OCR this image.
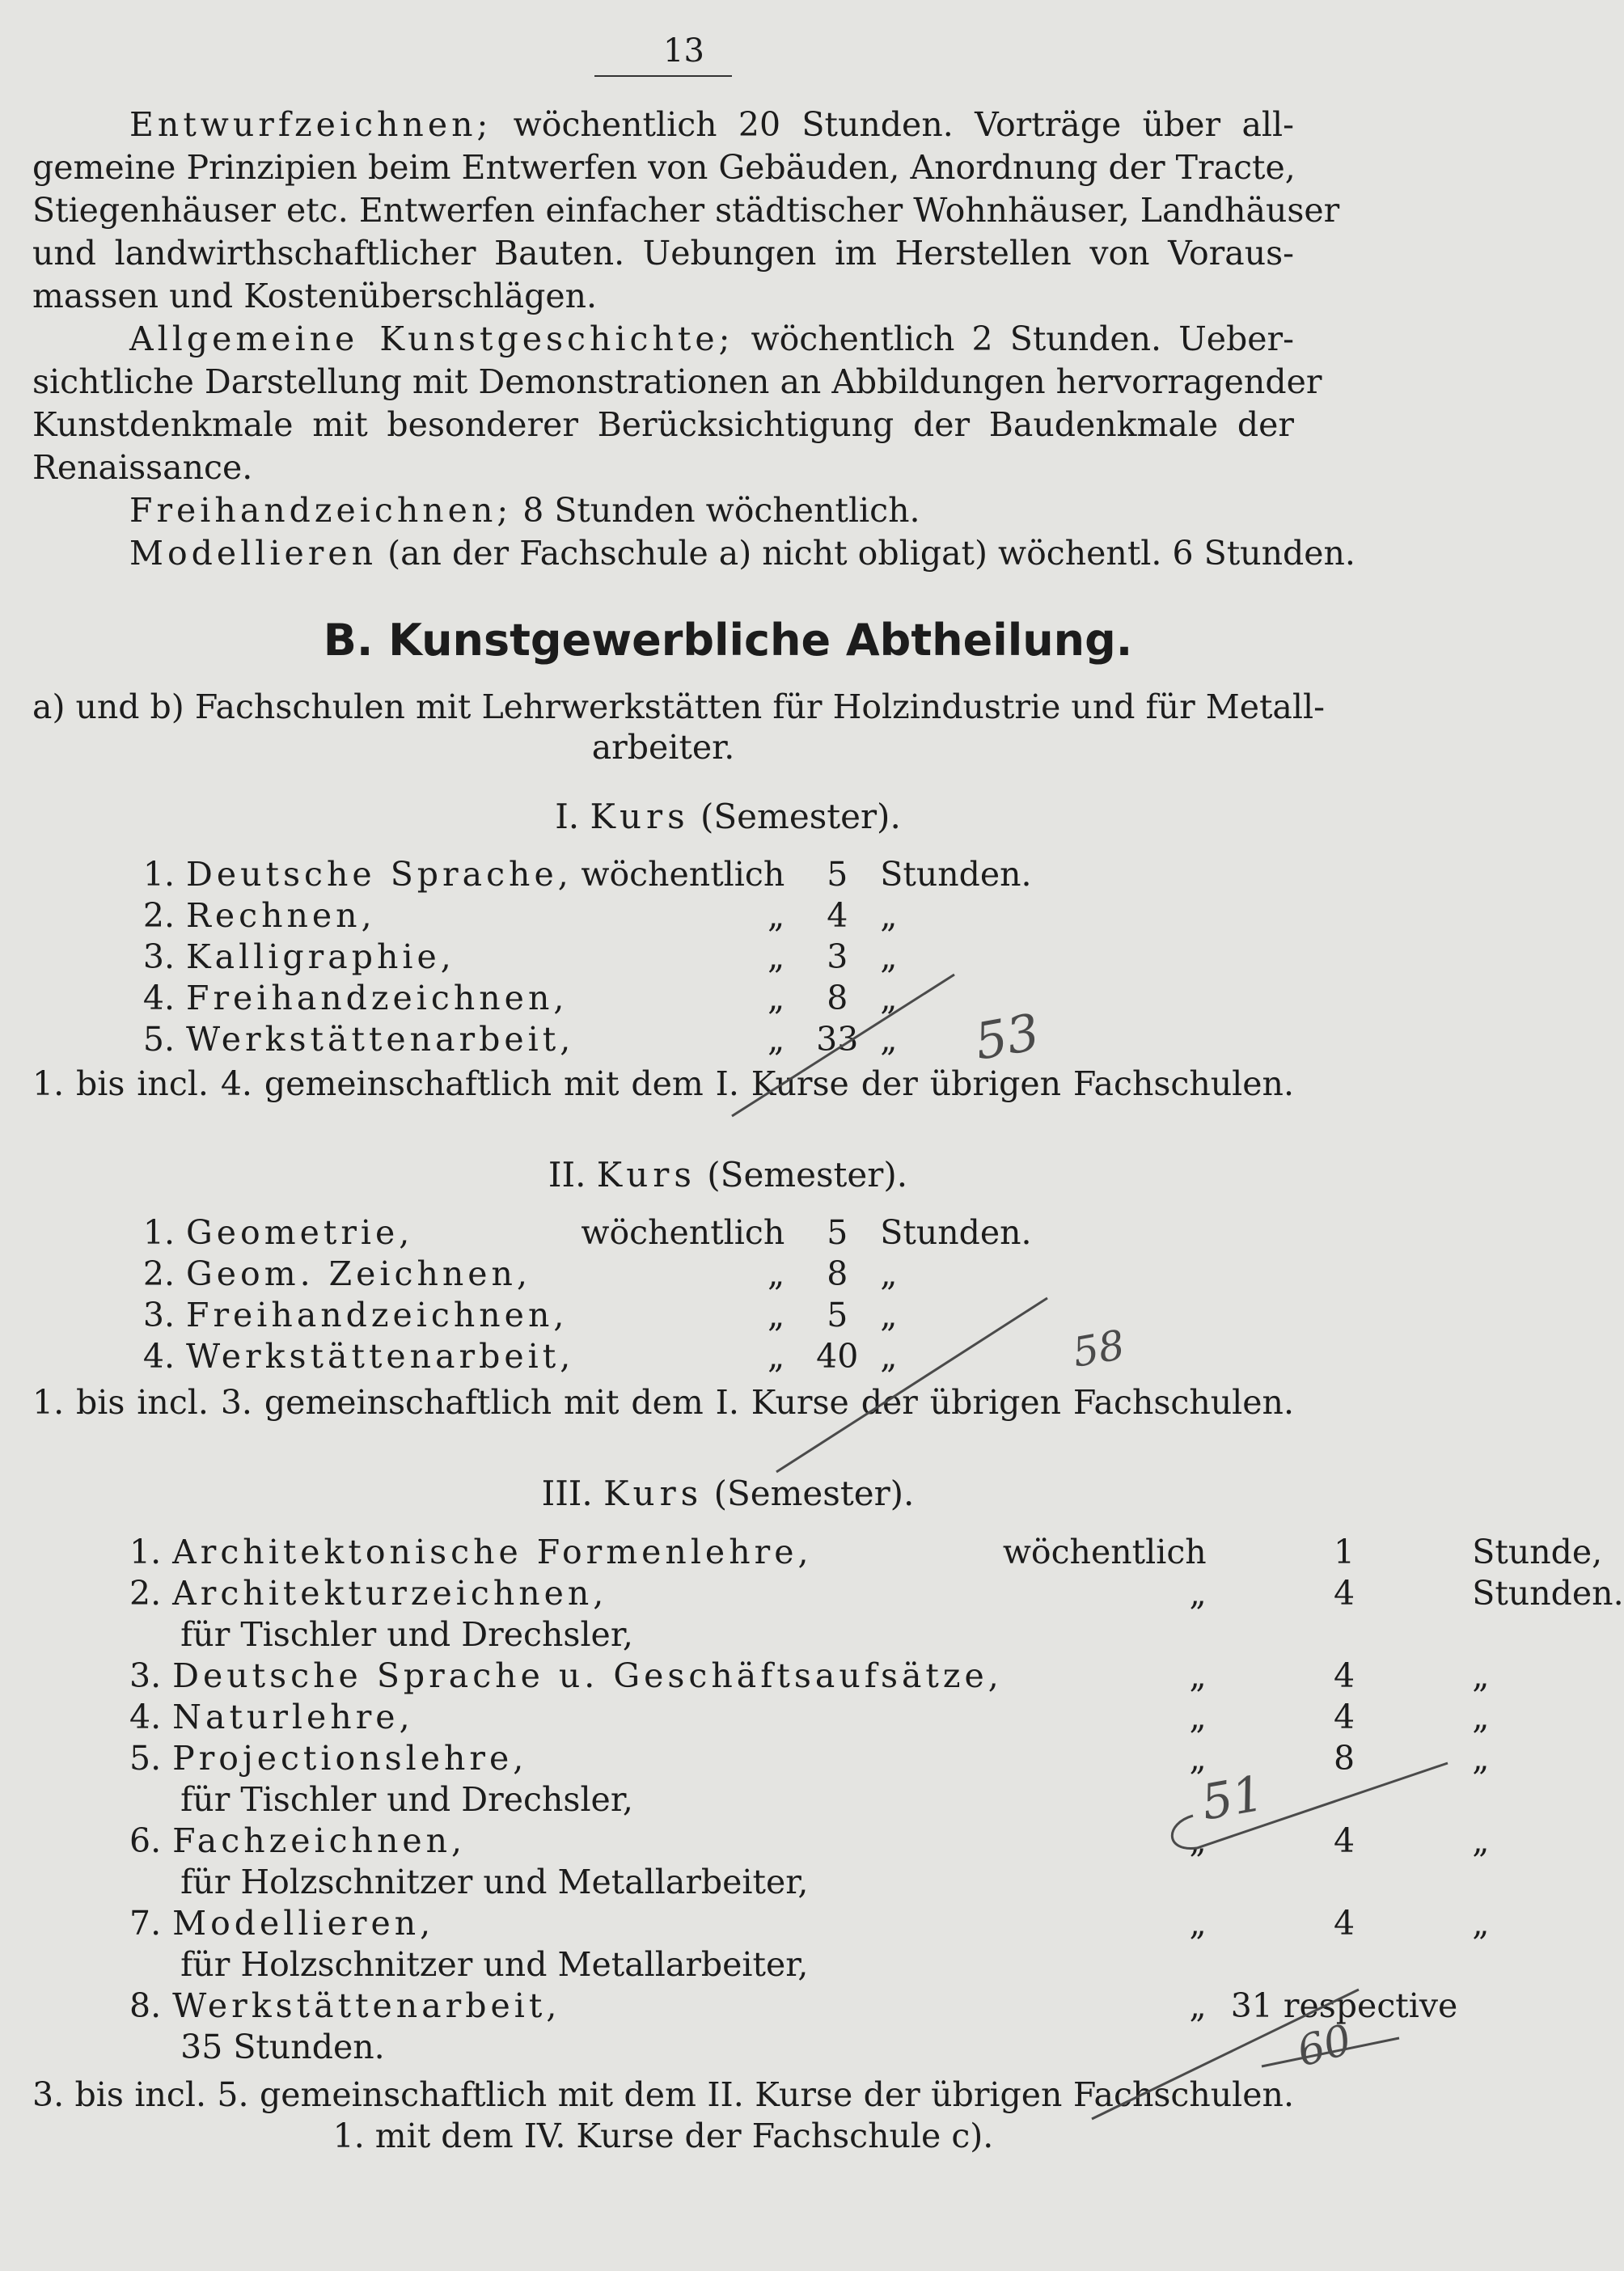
13
Entwurfzeichnen; wöchentlich 20 Stunden. Vorträge über all-
gemeine Prinzipien beim Entwerfen von Gebäuden, Anordnung der Tracte,
Stiegenhäuser etc. Entwerfen einfacher städtischer Wohnhäuser, Landhäuser
und landwirthschaftlicher Bauten. Uebungen im Herstellen von Voraus-
massen und Kostenüberschlägen.
Allgemeine Kunstgeschichte; wöchentlich 2 Stunden. Ueber-
sichtliche Darstellung mit Demonstrationen an Abbildungen hervorragender
Kunstdenkmale mit besonderer Berücksichtigung der Baudenkmale der
Renaissance.
Freihandzeichnen; 8 Stunden wöchentlich.
Modellieren (an der Fachschule a) nicht obligat) wöchentl. 6 Stunden.
B. Kunstgewerbliche Abtheilung.
a) und b) Fachschulen mit Lehrwerkstätten für Holzindustrie und für Metall-
arbeiter.
I. Kurs (Semester).
1.	Deutsche Sprache,	wöchentlich	5	Stunden.
2.	Rechnen,	„	4	„
3.	Kalligraphie,	„	3	„
4.	Freihandzeichnen,	„	8	„
5.	Werkstättenarbeit,	„	33	„
1. bis incl. 4. gemeinschaftlich mit dem I. Kurse der übrigen Fachschulen.
II. Kurs (Semester).
1.	Geometrie,	wöchentlich	5	Stunden.
2.	Geom. Zeichnen,	„	8	„
3.	Freihandzeichnen,	„	5	„
4.	Werkstättenarbeit,	„	40	„
1. bis incl. 3. gemeinschaftlich mit dem I. Kurse der übrigen Fachschulen.
III. Kurs (Semester).
1.	Architektonische Formenlehre,	wöchentlich	1	Stunde,
2.	Architekturzeichnen,	„	4	Stunden.
	für Tischler und Drechsler,			
3.	Deutsche Sprache u. Geschäftsaufsätze,	„	4	„
4.	Naturlehre,	„	4	„
5.	Projectionslehre,	„	8	„
	für Tischler und Drechsler,			
6.	Fachzeichnen,	„	4	„
	für Holzschnitzer und Metallarbeiter,			
7.	Modellieren,	„	4	„
	für Holzschnitzer und Metallarbeiter,			
8.	Werkstättenarbeit,	„	31 respective	
	35 Stunden.			
3. bis incl. 5. gemeinschaftlich mit dem II. Kurse der übrigen Fachschulen.
1. mit dem IV. Kurse der Fachschule c).
53
58
51
60
